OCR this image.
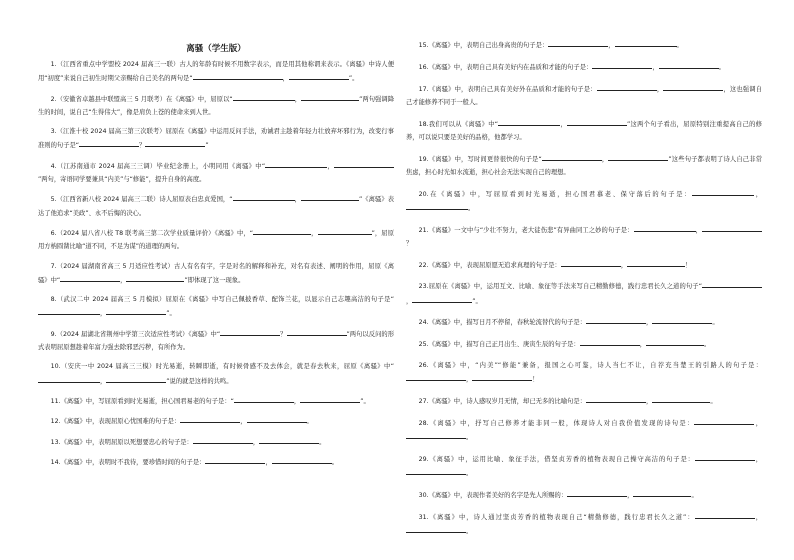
离骚（学生版）

1.（江西省重点中学盟校 2024 届高三一联）古人的年龄有时候不用数字表示，而是用其他称谓来表示。《离骚》中诗人便用“初度”来说自己初生时期父亲赐给自己美名的两句是“	，	”。

2.（安徽省卓越县中联盟高三 5 月联考）在《离骚》中，屈原以“	，	”两句强调降生的时间，说自己“生得伟大”，像是肩负上苍的使命来到人世。

3.（江淮十校 2024 届高三第三次联考）屈原在《离骚》中运用反问手法，劝诫君主趁着年轻力壮放弃坏邪行为，改变行事准则的句子是“	？	”

4.（江苏南通市 2024 届高三三调）毕业纪念册上，小明同用《离骚》中“	，”两句，寄语同学要兼具“内美”与“修能”，提升自身的高度。

5.（江西省新八校 2024 届高三二联）诗人屈原表白忠贞爱国，“	，	”《离骚》表达了他追求“美政”、永不后悔的决心。

6.（2024 届八省八校 T8 联考高三第二次学业质量评价）《离骚》中，“	，	”，屈原用方枘圆凿比喻“道不同，不足为谋”的道理的两句。

7.（2024 届湖南省高三 5 月适应性考试）古人有名有字，字是对名的解释和补充，对名有表述、阐明的作用，屈原《离骚》中“	，	”即体现了这一现象。

8.（武汉二中 2024 届高三 5 月模拟）屈原在《离骚》中写自己佩披香草、配饰兰花，以显示自己志趣高洁的句子是“，	”。

9.（2024 届湖北省荆州中学第三次适应性考试）《离骚》中“	？	”两句以反问的形式表明屈原想趁着年富力强去除邪恶污秽，有所作为。

10.（安庆一中 2024 届高三三模）时光易逝，转瞬即逝，有时候骨感不及去体会，就是春去秋来，屈原《离骚》中“，	”说的就是这样的共鸣。

11.《离骚》中，写屈原看到时光易逝，担心国君易老的句子是：“	，	”。

12.《离骚》中，表现屈原心忧国难的句子是：	，	。

13.《离骚》中，表明屈原以死想要忠心的句子是：	，	。

14.《离骚》中，表明时不我待，要珍惜时间的句子是：	，	。

15.《离骚》中，表明自己出身高贵的句子是：	，	。

16.《离骚》中，表明自己具有美好内在品质和才能的句子是：	，	。

17.《离骚》中，表明自己具有美好外在品质和才能的句子是：	，	，这也强调自己才能修养不同于一般人。

18.我们可以从《离骚》中“	，	”这两个句子看出，屈原特别注重提高自己的修养，可以说只要是美好的品格，他都学习。

19.《离骚》中，写时间更替很快的句子是“	，	”这些句子都表明了诗人自己非常焦虑，担心时光如水流逝，担心社会无法实现自己的理想。

20.在《离骚》中，写屈原看到时光易逝，担心国君慕老、保守落后的句子是：	，。

21.《离骚》一文中与“少壮不努力，老大徒伤悲”有异曲同工之妙的句子是：	，？

22.《离骚》中，表现屈原愿无追求真理的句子是：	，	！

23.屈原在《离骚》中，运用互文、比喻、象征等手法来写自己精勤修德，践行忠君长久之道的句子“，	”。

24.《离骚》中，描写日月不停留，春秋轮流替代的句子是：	，	。

25.《离骚》中，描写自己正月出生、庚寅生辰的句子是：	，	。

26.《离骚》中，“内美”“修能”兼备，报国之心可鉴，诗人当仁不让，自荐充当楚王的引路人的句子是：，	！

27.《离骚》中，诗人感叹岁月无情，却已无多的比喻句是：	，	。

28.《离骚》中，抒写自己修养才能非同一般，体现诗人对自我价值发现的诗句是：	，。

29.《离骚》中，运用比喻、象征手法，借坚贞芳香的植物表现自己操守高洁的句子是：	，。

30.《离骚》中，表现作者美好的名字是先人所赐的：	，	。

31.《离骚》中，诗人通过坚贞芳香的植物表现自己“精勤修德，践行忠君长久之道”：	，。
